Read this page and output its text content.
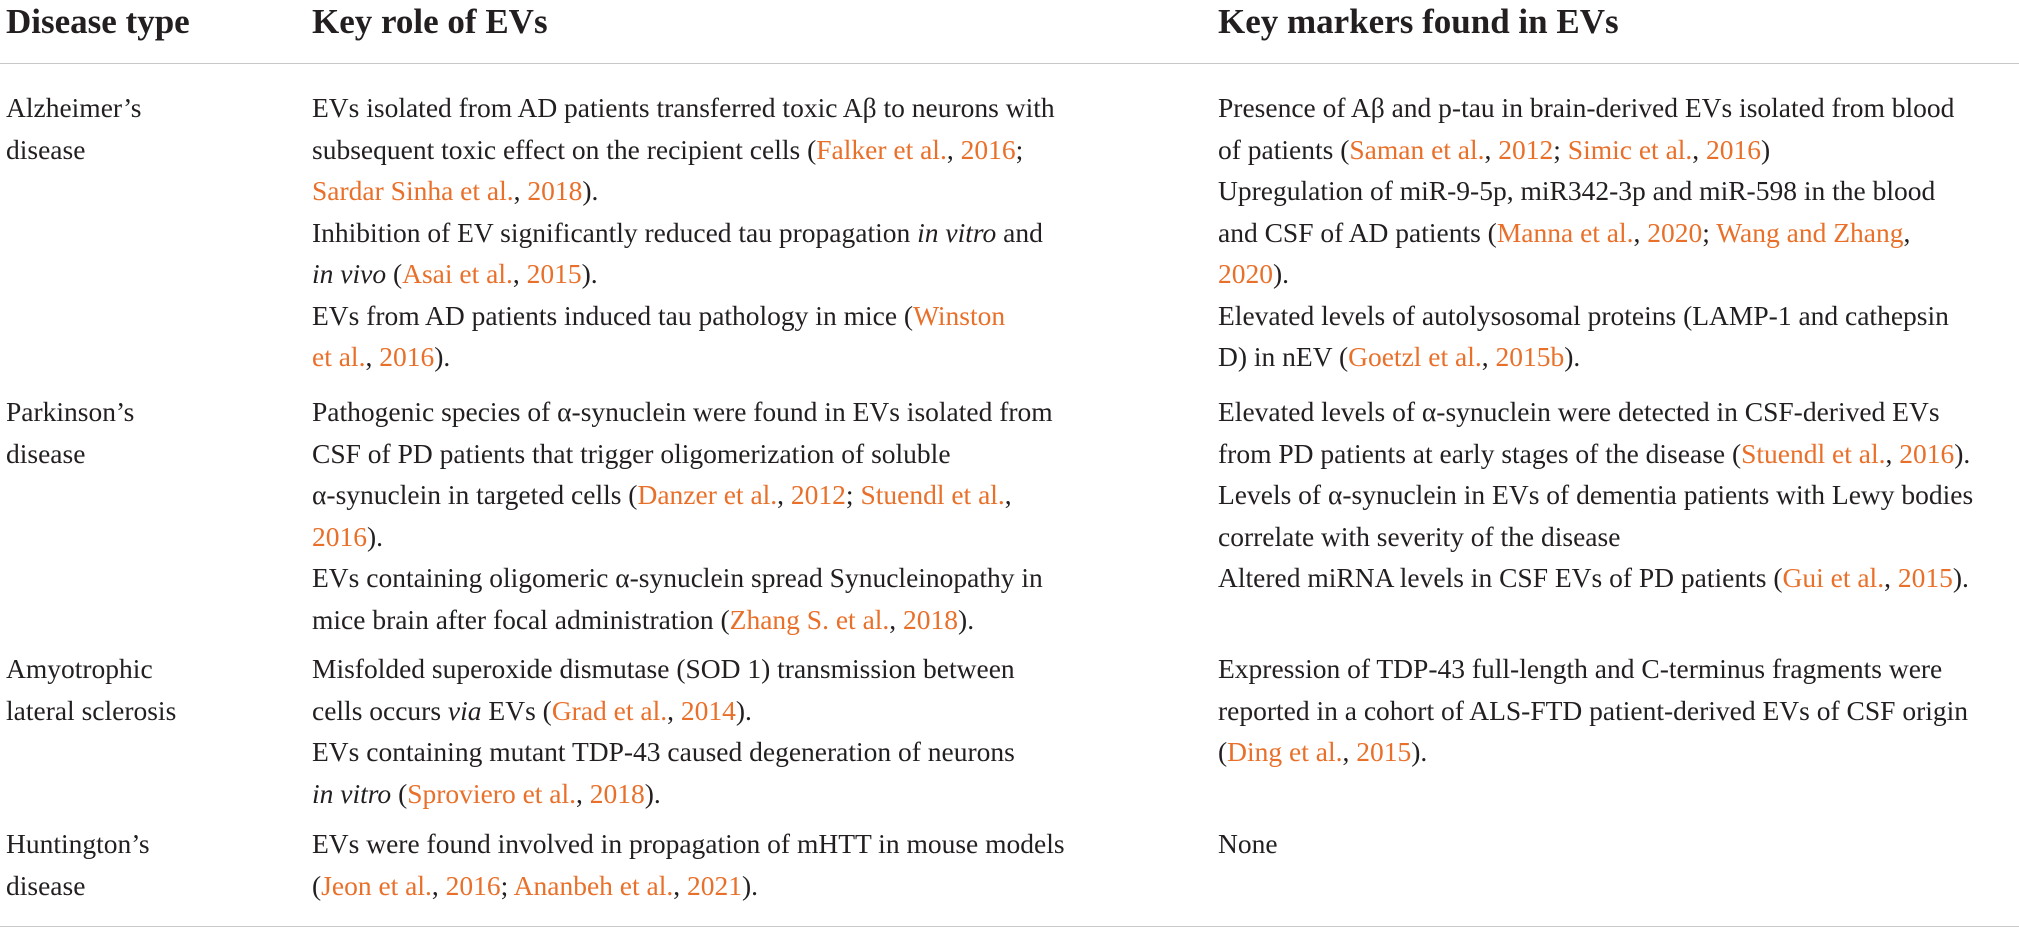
Disease type	Key role of EVs	Key markers found in EVs
Alzheimer’s
disease
EVs isolated from AD patients transferred toxic Aβ to neurons with
subsequent toxic effect on the recipient cells (Falker et al., 2016;
Sardar Sinha et al., 2018).
Inhibition of EV significantly reduced tau propagation in vitro and
in vivo (Asai et al., 2015).
EVs from AD patients induced tau pathology in mice (Winston
et al., 2016).
Presence of Aβ and p-tau in brain-derived EVs isolated from blood
of patients (Saman et al., 2012; Simic et al., 2016)
Upregulation of miR-9-5p, miR342-3p and miR-598 in the blood
and CSF of AD patients (Manna et al., 2020; Wang and Zhang,
2020).
Elevated levels of autolysosomal proteins (LAMP-1 and cathepsin
D) in nEV (Goetzl et al., 2015b).
Parkinson’s
disease
Pathogenic species of α-synuclein were found in EVs isolated from
CSF of PD patients that trigger oligomerization of soluble
α-synuclein in targeted cells (Danzer et al., 2012; Stuendl et al.,
2016).
EVs containing oligomeric α-synuclein spread Synucleinopathy in
mice brain after focal administration (Zhang S. et al., 2018).
Elevated levels of α-synuclein were detected in CSF-derived EVs
from PD patients at early stages of the disease (Stuendl et al., 2016).
Levels of α-synuclein in EVs of dementia patients with Lewy bodies
correlate with severity of the disease
Altered miRNA levels in CSF EVs of PD patients (Gui et al., 2015).
Amyotrophic
lateral sclerosis
Misfolded superoxide dismutase (SOD 1) transmission between
cells occurs via EVs (Grad et al., 2014).
EVs containing mutant TDP-43 caused degeneration of neurons
in vitro (Sproviero et al., 2018).
Expression of TDP-43 full-length and C-terminus fragments were
reported in a cohort of ALS-FTD patient-derived EVs of CSF origin
(Ding et al., 2015).
Huntington’s
disease
EVs were found involved in propagation of mHTT in mouse models
(Jeon et al., 2016; Ananbeh et al., 2021).
None
